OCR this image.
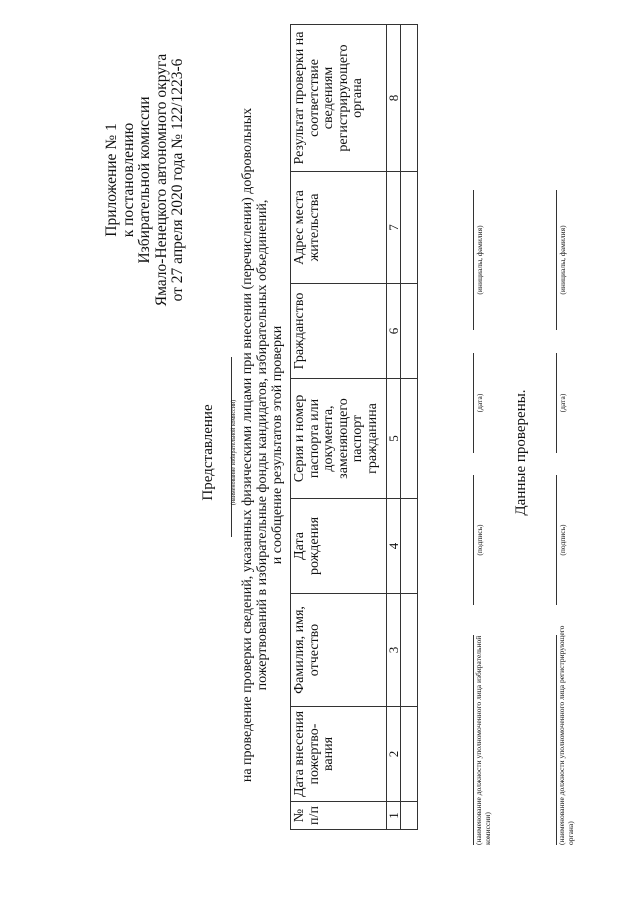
Приложение № 1 к постановлению Избирательной комиссии Ямало-Ненецкого автономного округа от 27 апреля 2020 года № 122/1223-6
Представление	(наименование избирательной комиссии) на проведение проверки сведений, указанных физическими лицами при внесении (перечислении) добровольных пожертвований в избирательные фонды кандидатов, избирательных объединений, и сообщение результатов этой проверки
№ п/п	Дата внесения пожертво-вания	Фамилия, имя, отчество	Дата рождения	Серия и номер паспорта или документа, заменяющего паспорт гражданина	Гражданство	Адрес места жительства	Результат проверки на соответствие сведениям регистрирующего органа
1	2	3	4	5	6	7	8

(наименование должности уполномоченного лица избирательной комиссии)
(подпись)
(дата)
(инициалы, фамилия)
Данные проверены.
(наименование должности уполномоченного лица регистрирующего органа)
(подпись)
(дата)
(инициалы, фамилия)
